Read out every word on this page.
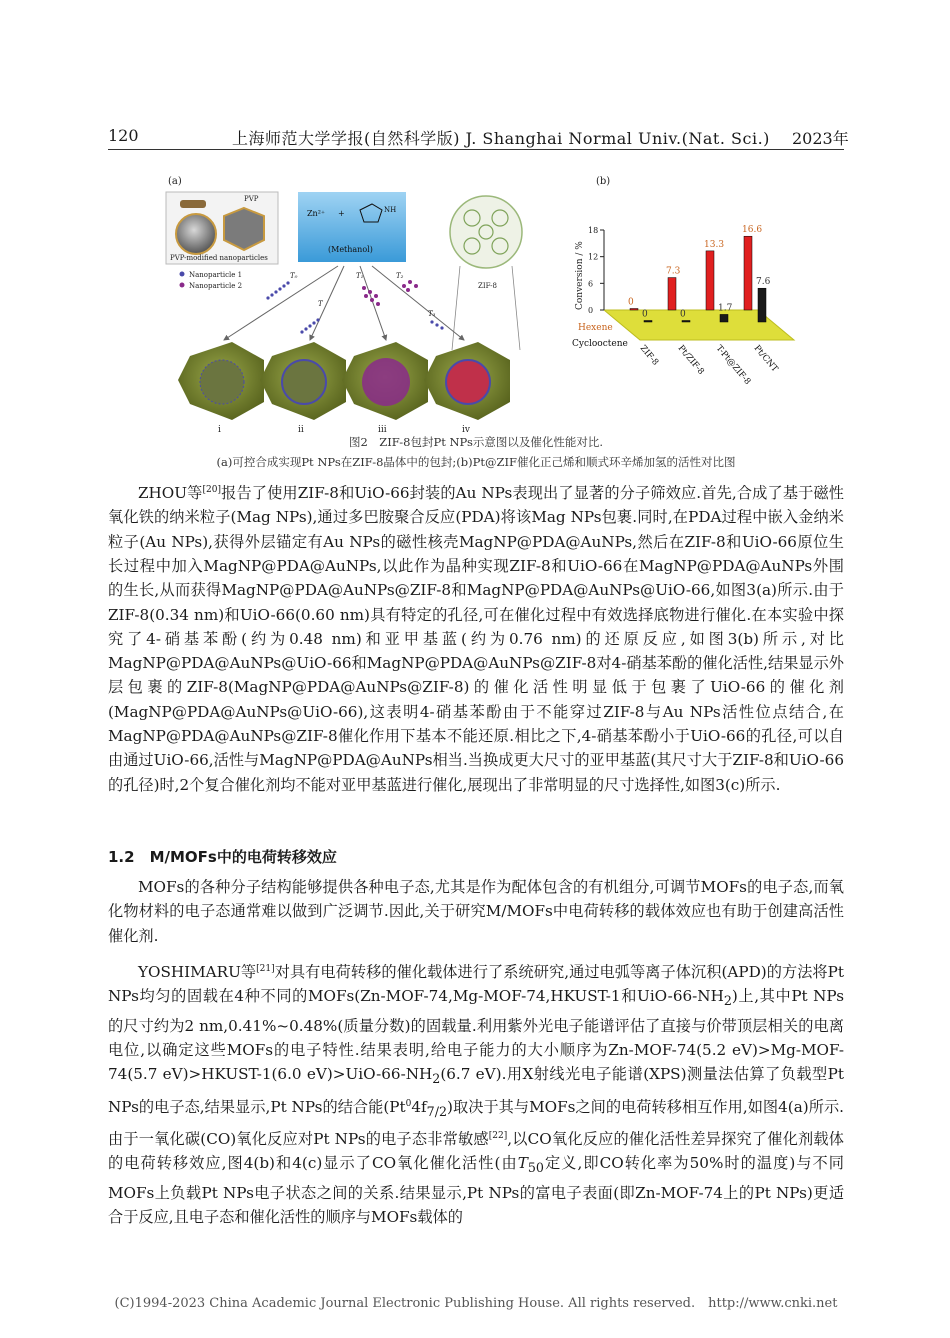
120	上海师范大学学报(自然科学版) J. Shanghai Normal Univ.(Nat. Sci.) 2023年
(a)
PVP
PVP-modified nanoparticles
Nanoparticle 1
Nanoparticle 2
Zn²⁺ +	NH
(Methanol)
ZIF-8
T₀
T
T₁	T₂
T₃
i	ii	iii	iv
(b)
18
12
6
0
Conversion / %
Hexene
Cyclooctene
0
7.3
13.3
16.6
0	0
1.7
7.6
ZIF-8 Pt/ZIF-8 T-Pt@ZIF-8 Pt/CNT
图2　ZIF-8包封Pt NPs示意图以及催化性能对比.
(a)可控合成实现Pt NPs在ZIF-8晶体中的包封;(b)Pt@ZIF催化正己烯和顺式环辛烯加氢的活性对比图
ZHOU等[20]报告了使用ZIF-8和UiO-66封装的Au NPs表现出了显著的分子筛效应.首先,合成了基于磁性氧化铁的纳米粒子(Mag NPs),通过多巴胺聚合反应(PDA)将该Mag NPs包裹.同时,在PDA过程中嵌入金纳米粒子(Au NPs),获得外层锚定有Au NPs的磁性核壳MagNP@PDA@AuNPs,然后在ZIF-8和UiO-66原位生长过程中加入MagNP@PDA@AuNPs,以此作为晶种实现ZIF-8和UiO-66在MagNP@PDA@AuNPs外围的生长,从而获得MagNP@PDA@AuNPs@ZIF-8和MagNP@PDA@AuNPs@UiO-66,如图3(a)所示.由于ZIF-8(0.34 nm)和UiO-66(0.60 nm)具有特定的孔径,可在催化过程中有效选择底物进行催化.在本实验中探究了4-硝基苯酚(约为0.48 nm)和亚甲基蓝(约为0.76 nm)的还原反应,如图3(b)所示,对比MagNP@PDA@AuNPs@UiO-66和MagNP@PDA@AuNPs@ZIF-8对4-硝基苯酚的催化活性,结果显示外层包裹的ZIF-8(MagNP@PDA@AuNPs@ZIF-8)的催化活性明显低于包裹了UiO-66的催化剂(MagNP@PDA@AuNPs@UiO-66),这表明4-硝基苯酚由于不能穿过ZIF-8与Au NPs活性位点结合,在MagNP@PDA@AuNPs@ZIF-8催化作用下基本不能还原.相比之下,4-硝基苯酚小于UiO-66的孔径,可以自由通过UiO-66,活性与MagNP@PDA@AuNPs相当.当换成更大尺寸的亚甲基蓝(其尺寸大于ZIF-8和UiO-66的孔径)时,2个复合催化剂均不能对亚甲基蓝进行催化,展现出了非常明显的尺寸选择性,如图3(c)所示.
1.2　M/MOFs中的电荷转移效应
MOFs的各种分子结构能够提供各种电子态,尤其是作为配体包含的有机组分,可调节MOFs的电子态,而氧化物材料的电子态通常难以做到广泛调节.因此,关于研究M/MOFs中电荷转移的载体效应也有助于创建高活性催化剂.
YOSHIMARU等[21]对具有电荷转移的催化载体进行了系统研究,通过电弧等离子体沉积(APD)的方法将Pt NPs均匀的固载在4种不同的MOFs(Zn-MOF-74,Mg-MOF-74,HKUST-1和UiO-$66-NH_2$)上,其中Pt NPs的尺寸约为2 nm,0.41%~0.48%(质量分数)的固载量.利用紫外光电子能谱评估了直接与价带顶层相关的电离电位,以确定这些MOFs的电子特性.结果表明,给电子能力的大小顺序为Zn-MOF-74(5.2 eV)>Mg-MOF-74(5.7 eV)>HKUST-1(6.0 $eV)>UiO-66-NH_2(6.7$ eV).用X射线光电子能谱(XPS)测量法估算了负载型Pt NPs的电子态,结果显示,Pt NPs的结合能$(Pt^04f_{7/2})$取决于其与MOFs之间的电荷转移相互作用,如图4(a)所示.由于一氧化碳(CO)氧化反应对Pt NPs的电子态非常敏感[22],以CO氧化反应的催化活性差异探究了催化剂载体的电荷转移效应,图4(b)和4(c)显示了CO氧化催化活性(由$T_{50}$定义,即CO转化率为50%时的温度)与不同MOFs上负载Pt NPs电子状态之间的关系.结果显示,Pt NPs的富电子表面(即Zn-MOF-74上的Pt NPs)更适合于反应,且电子态和催化活性的顺序与MOFs载体的
(C)1994-2023 China Academic Journal Electronic Publishing House. All rights reserved.　http://www.cnki.net
